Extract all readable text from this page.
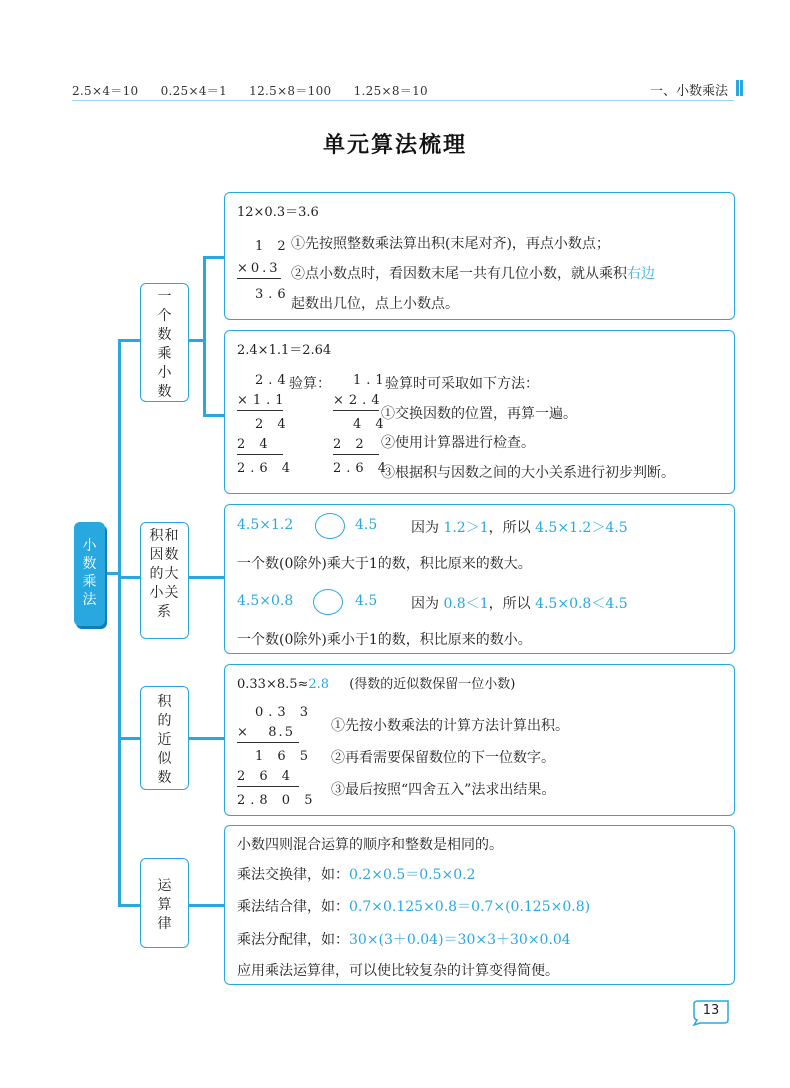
2.5×4＝10 0.25×4＝1 12.5×8＝100 1.25×8＝10	一、小数乘法
单元算法梳理
小数乘法
一个数乘小数
积和因数的大小关系
积的近似数
运算律
12×0.3＝3.6
1 2
×0.3
3.6
①先按照整数乘法算出积(末尾对齐)，再点小数点；
②点小数点时，看因数末尾一共有几位小数，就从乘积右边
起数出几位，点上小数点。
2.4×1.1＝2.64
2.4
×1.1
2 4
2 4
2.6 4
验算： 1.1
×2.4
4 4
2 2
2.6 4
验算时可采取如下方法：
①交换因数的位置，再算一遍。
②使用计算器进行检查。
③根据积与因数之间的大小关系进行初步判断。
4.5×1.2	4.5 因为 1.2＞1，所以 4.5×1.2＞4.5
一个数(0除外)乘大于1的数，积比原来的数大。
4.5×0.8	4.5 因为 0.8＜1，所以 4.5×0.8＜4.5
一个数(0除外)乘小于1的数，积比原来的数小。
0.33×8.5≈2.8 (得数的近似数保留一位小数)
0.3 3
×   8.5
1 6 5
2 6 4
2.8 0 5
①先按小数乘法的计算方法计算出积。
②再看需要保留数位的下一位数字。
③最后按照“四舍五入”法求出结果。
小数四则混合运算的顺序和整数是相同的。
乘法交换律，如：0.2×0.5＝0.5×0.2
乘法结合律，如：0.7×0.125×0.8＝0.7×(0.125×0.8)
乘法分配律，如：30×(3＋0.04)＝30×3＋30×0.04
应用乘法运算律，可以使比较复杂的计算变得简便。
13
